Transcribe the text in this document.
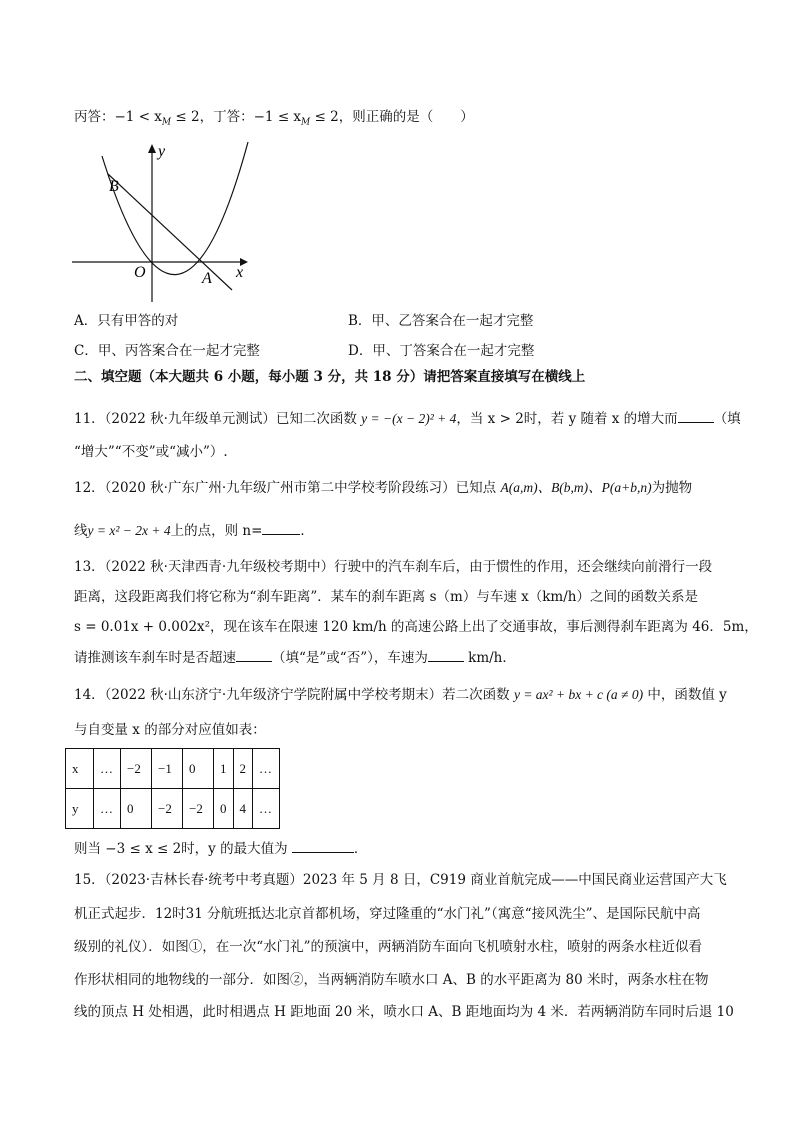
丙答：$-1 < x_M \le 2$，丁答：$-1 \le x_M \le 2$，则正确的是（　　）
y
x
B
O	A
A．只有甲答的对	B．甲、乙答案合在一起才完整
C．甲、丙答案合在一起才完整	D．甲、丁答案合在一起才完整
二、填空题（本大题共 6 小题，每小题 3 分，共 18 分）请把答案直接填写在横线上
11．（2022 秋·九年级单元测试）已知二次函数 y = −(x − 2)² + 4，当 x > 2时，若 y 随着 x 的增大而	（填
“增大”“不变”或“减小”）.
12．（2020 秋·广东广州·九年级广州市第二中学校考阶段练习）已知点 A(a,m)、B(b,m)、P(a+b,n)为抛物
线y = x² − 2x + 4上的点，则 n=	．
13．（2022 秋·天津西青·九年级校考期中）行驶中的汽车刹车后，由于惯性的作用，还会继续向前滑行一段
距离，这段距离我们将它称为“刹车距离”．某车的刹车距离 s（m）与车速 x（km/h）之间的函数关系是
s = 0.01x + 0.002x²，现在该车在限速 120 km/h 的高速公路上出了交通事故，事后测得刹车距离为 46．5m，
请推测该车刹车时是否超速	（填“是”或“否”），车速为	km/h．
14．（2022 秋·山东济宁·九年级济宁学院附属中学校考期末）若二次函数 y = ax² + bx + c (a ≠ 0) 中，函数值 y
与自变量 x 的部分对应值如表：
x	…	−2	−1	0	1	2	…
y	…	0	−2	−2	0	4	…
则当 −3 ≤ x ≤ 2时，y 的最大值为	．
15．（2023·吉林长春·统考中考真题）2023 年 5 月 8 日，C919 商业首航完成——中国民商业运营国产大飞
机正式起步．12时31 分航班抵达北京首都机场，穿过隆重的“水门礼”（寓意“接风洗尘”、是国际民航中高
级别的礼仪）．如图①，在一次“水门礼”的预演中，两辆消防车面向飞机喷射水柱，喷射的两条水柱近似看
作形状相同的地物线的一部分．如图②，当两辆消防车喷水口 A、B 的水平距离为 80 米时，两条水柱在物
线的顶点 H 处相遇，此时相遇点 H 距地面 20 米，喷水口 A、B 距地面均为 4 米．若两辆消防车同时后退 10
